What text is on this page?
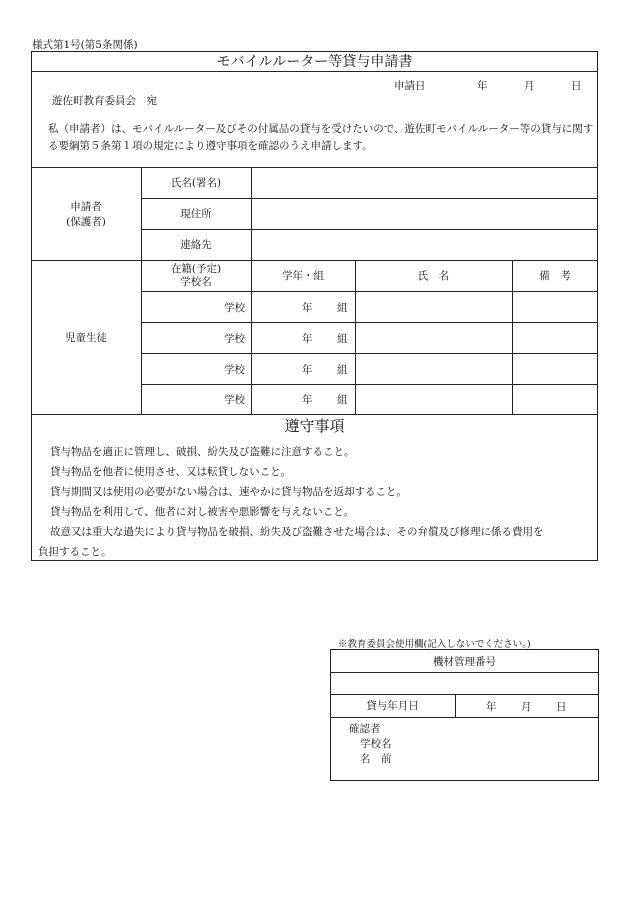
様式第1号(第5条関係)
モバイルルーター等貸与申請書
申請日	年	月	日
遊佐町教育委員会　宛
私（申請者）は、モバイルルーター及びその付属品の貸与を受けたいので、遊佐町モバイルルーター等の貸与に関する要綱第５条第１項の規定により遵守事項を確認のうえ申請します。
申請者
(保護者)
氏名(署名)
現住所
連絡先
児童生徒
在籍(予定)
学校名	学年・組	氏　名	備　考
学校	年 組
学校	年 組
学校	年 組
学校	年 組
遵守事項
貸与物品を適正に管理し、破損、紛失及び盗難に注意すること。
貸与物品を他者に使用させ、又は転貸しないこと。
貸与期間又は使用の必要がない場合は、速やかに貸与物品を返却すること。
貸与物品を利用して、他者に対し被害や悪影響を与えないこと。
故意又は重大な過失により貸与物品を破損、紛失及び盗難させた場合は、その弁償及び修理に係る費用を
負担すること。
※教育委員会使用欄(記入しないでください。)
機材管理番号
貸与年月日	年 月 日
確認者
学校名
名　前
